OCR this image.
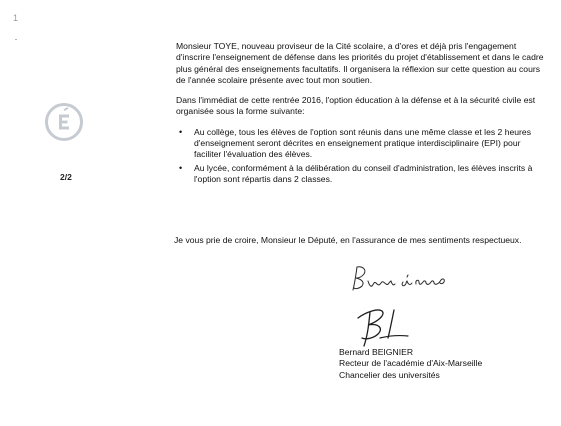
1
2/2

Monsieur TOYE, nouveau proviseur de la Cité scolaire, a d'ores et déjà pris l'engagement d'inscrire l'enseignement de défense dans les priorités du projet d'établissement et dans le cadre plus général des enseignements facultatifs. Il organisera la réflexion sur cette question au cours de l'année scolaire présente avec tout mon soutien.

Dans l'immédiat de cette rentrée 2016, l'option éducation à la défense et à la sécurité civile est organisée sous la forme suivante:

• Au collège, tous les élèves de l'option sont réunis dans une même classe et les 2 heures d'enseignement seront décrites en enseignement pratique interdisciplinaire (EPI) pour faciliter l'évaluation des élèves.
• Au lycée, conformément à la délibération du conseil d'administration, les élèves inscrits à l'option sont répartis dans 2 classes.
Je vous prie de croire, Monsieur le Député, en l'assurance de mes sentiments respectueux.
Bernard BEIGNIER
Recteur de l'académie d'Aix-Marseille
Chancelier des universités
